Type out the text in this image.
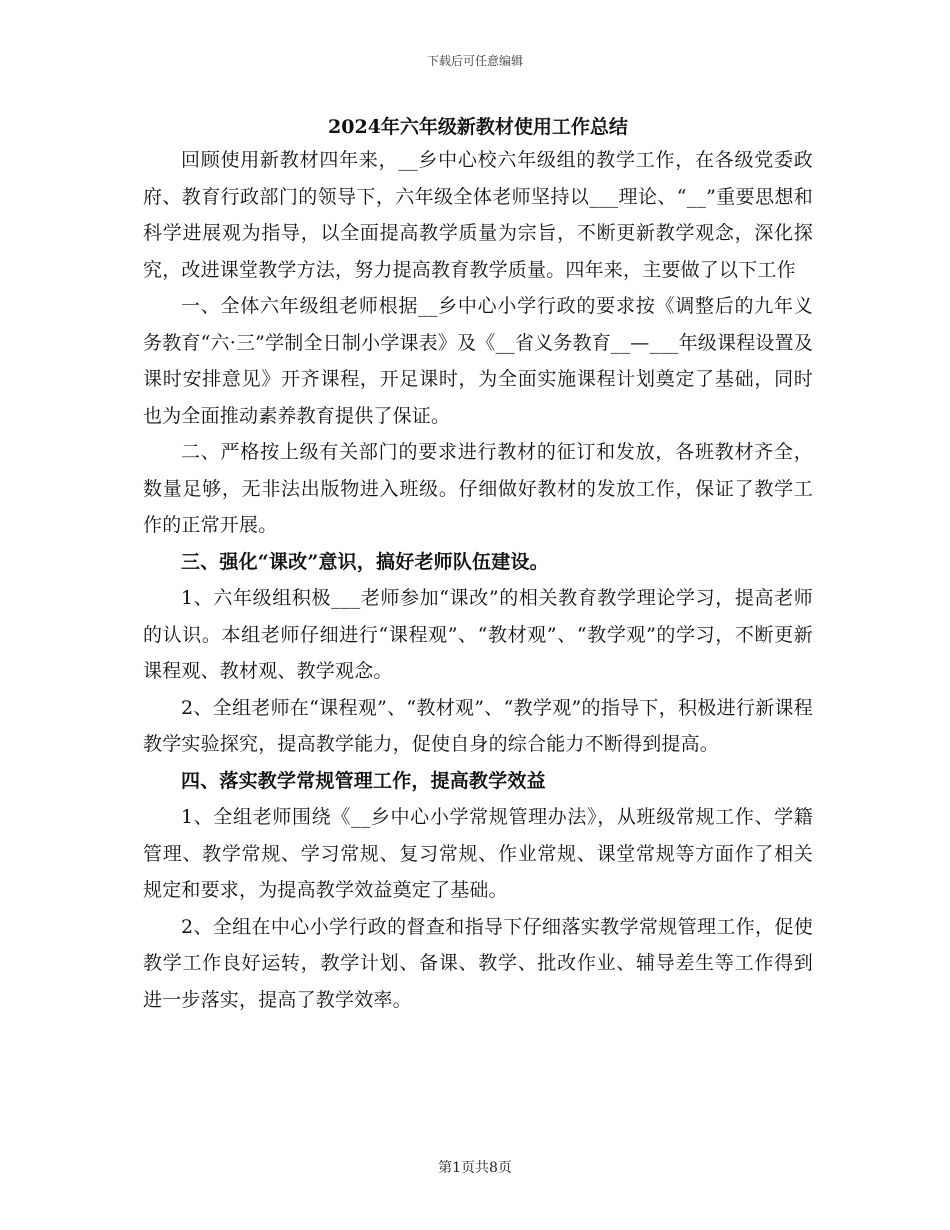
下载后可任意编辑
2024年六年级新教材使用工作总结

回顾使用新教材四年来，__乡中心校六年级组的教学工作，在各级党委政府、教育行政部门的领导下，六年级全体老师坚持以___理论、“__”重要思想和科学进展观为指导，以全面提高教学质量为宗旨，不断更新教学观念，深化探究，改进课堂教学方法，努力提高教育教学质量。四年来，主要做了以下工作

一、全体六年级组老师根据__乡中心小学行政的要求按《调整后的九年义务教育“六·三”学制全日制小学课表》及《__省义务教育__—___年级课程设置及课时安排意见》开齐课程，开足课时，为全面实施课程计划奠定了基础，同时也为全面推动素养教育提供了保证。

二、严格按上级有关部门的要求进行教材的征订和发放，各班教材齐全，数量足够，无非法出版物进入班级。仔细做好教材的发放工作，保证了教学工作的正常开展。

三、强化“课改”意识，搞好老师队伍建设。

1、六年级组积极___老师参加“课改”的相关教育教学理论学习，提高老师的认识。本组老师仔细进行“课程观”、“教材观”、“教学观”的学习，不断更新课程观、教材观、教学观念。

2、全组老师在“课程观”、“教材观”、“教学观”的指导下，积极进行新课程教学实验探究，提高教学能力，促使自身的综合能力不断得到提高。

四、落实教学常规管理工作，提高教学效益

1、全组老师围绕《__乡中心小学常规管理办法》，从班级常规工作、学籍管理、教学常规、学习常规、复习常规、作业常规、课堂常规等方面作了相关规定和要求，为提高教学效益奠定了基础。

2、全组在中心小学行政的督查和指导下仔细落实教学常规管理工作，促使教学工作良好运转，教学计划、备课、教学、批改作业、辅导差生等工作得到进一步落实，提高了教学效率。

第1页共8页
